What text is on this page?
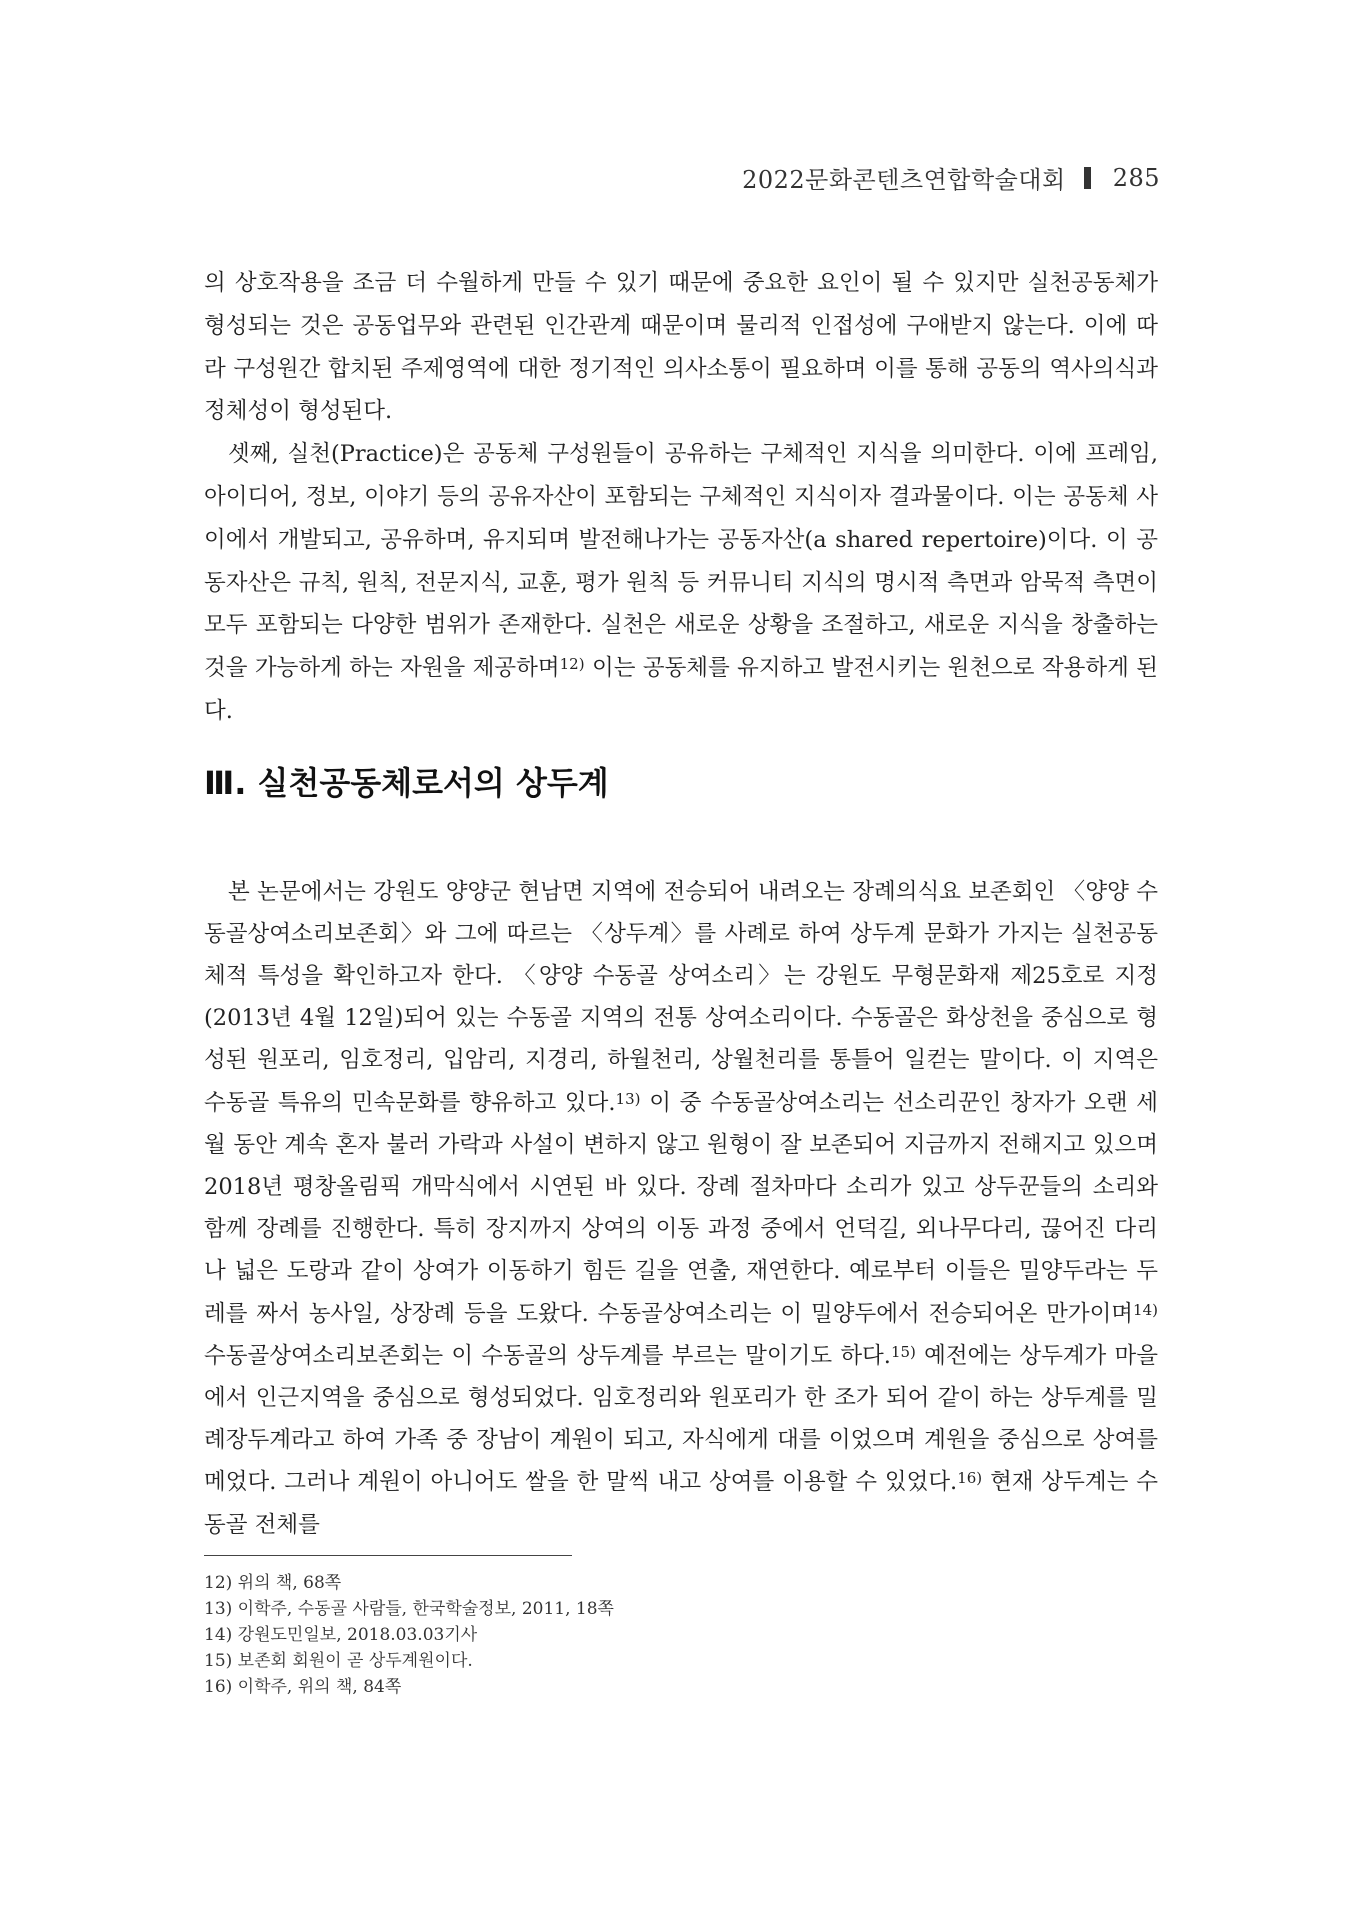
2022문화콘텐츠연합학술대회 285

의 상호작용을 조금 더 수월하게 만들 수 있기 때문에 중요한 요인이 될 수 있지만 실천공동체가 형성되는 것은 공동업무와 관련된 인간관계 때문이며 물리적 인접성에 구애받지 않는다. 이에 따라 구성원간 합치된 주제영역에 대한 정기적인 의사소통이 필요하며 이를 통해 공동의 역사의식과 정체성이 형성된다.

셋째, 실천(Practice)은 공동체 구성원들이 공유하는 구체적인 지식을 의미한다. 이에 프레임, 아이디어, 정보, 이야기 등의 공유자산이 포함되는 구체적인 지식이자 결과물이다. 이는 공동체 사이에서 개발되고, 공유하며, 유지되며 발전해나가는 공동자산(a shared repertoire)이다. 이 공동자산은 규칙, 원칙, 전문지식, 교훈, 평가 원칙 등 커뮤니티 지식의 명시적 측면과 암묵적 측면이 모두 포함되는 다양한 범위가 존재한다. 실천은 새로운 상황을 조절하고, 새로운 지식을 창출하는 것을 가능하게 하는 자원을 제공하며$^{12)}$ 이는 공동체를 유지하고 발전시키는 원천으로 작용하게 된다.

Ⅲ. 실천공동체로서의 상두계

본 논문에서는 강원도 양양군 현남면 지역에 전승되어 내려오는 장례의식요 보존회인 〈양양 수동골상여소리보존회〉와 그에 따르는 〈상두계〉를 사례로 하여 상두계 문화가 가지는 실천공동체적 특성을 확인하고자 한다. 〈양양 수동골 상여소리〉는 강원도 무형문화재 제25호로 지정(2013년 4월 12일)되어 있는 수동골 지역의 전통 상여소리이다. 수동골은 화상천을 중심으로 형성된 원포리, 임호정리, 입암리, 지경리, 하월천리, 상월천리를 통틀어 일컫는 말이다. 이 지역은 수동골 특유의 민속문화를 향유하고 있다.$^{13)}$ 이 중 수동골상여소리는 선소리꾼인 창자가 오랜 세월 동안 계속 혼자 불러 가락과 사설이 변하지 않고 원형이 잘 보존되어 지금까지 전해지고 있으며 2018년 평창올림픽 개막식에서 시연된 바 있다. 장례 절차마다 소리가 있고 상두꾼들의 소리와 함께 장례를 진행한다. 특히 장지까지 상여의 이동 과정 중에서 언덕길, 외나무다리, 끊어진 다리나 넓은 도랑과 같이 상여가 이동하기 힘든 길을 연출, 재연한다. 예로부터 이들은 밀양두라는 두레를 짜서 농사일, 상장례 등을 도왔다. 수동골상여소리는 이 밀양두에서 전승되어온 만가이며$^{14)}$ 수동골상여소리보존회는 이 수동골의 상두계를 부르는 말이기도 하다.$^{15)}$ 예전에는 상두계가 마을에서 인근지역을 중심으로 형성되었다. 임호정리와 원포리가 한 조가 되어 같이 하는 상두계를 밀례장두계라고 하여 가족 중 장남이 계원이 되고, 자식에게 대를 이었으며 계원을 중심으로 상여를 메었다. 그러나 계원이 아니어도 쌀을 한 말씩 내고 상여를 이용할 수 있었다.$^{16)}$ 현재 상두계는 수동골 전체를

12) 위의 책, 68쪽
13) 이학주, 수동골 사람들, 한국학술정보, 2011, 18쪽
14) 강원도민일보, 2018.03.03기사
15) 보존회 회원이 곧 상두계원이다.
16) 이학주, 위의 책, 84쪽
